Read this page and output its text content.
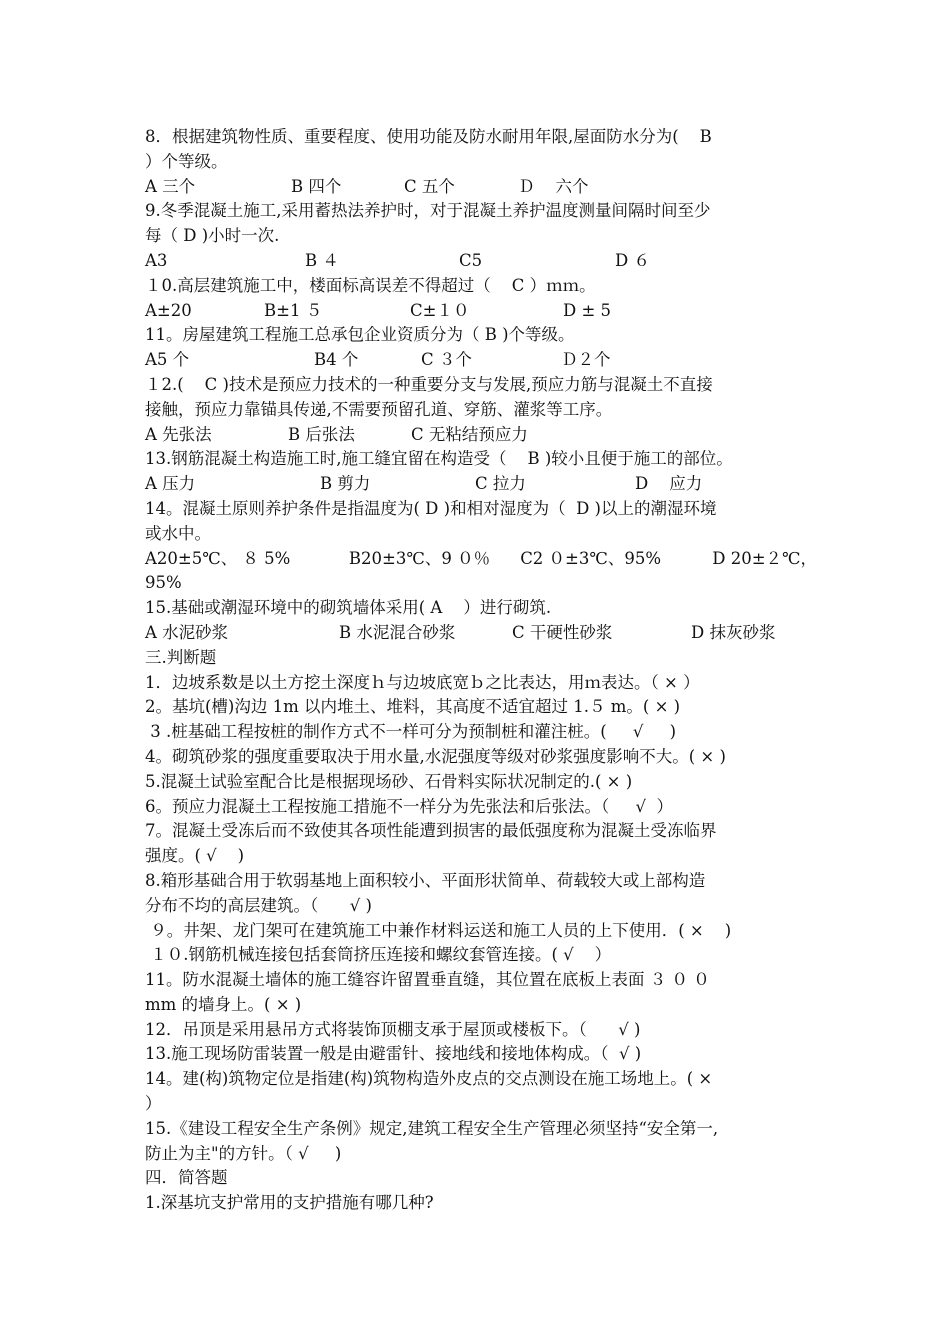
8．根据建筑物性质、重要程度、使用功能及防水耐用年限,屋面防水分为(    B
）个等级。
A 三个	B 四个	C 五个	Ｄ    六个
9.冬季混凝土施工,采用蓄热法养护时，对于混凝土养护温度测量间隔时间至少
每（ D )小时一次.
A3	B ４	C5	D ６
１0.高层建筑施工中，楼面标高误差不得超过（    C ）ｍｍ。
A±20	B±1 ５	C±１０	D ± 5
11。房屋建筑工程施工总承包企业资质分为（ B )个等级。
A5 个	B4 个	C ３个	Ｄ２个
１2.(    C )技术是预应力技术的一种重要分支与发展,预应力筋与混凝土不直接
接触，预应力靠锚具传递,不需要预留孔道、穿筋、灌浆等工序。
A 先张法	B 后张法	C 无粘结预应力
13.钢筋混凝土构造施工时,施工缝宜留在构造受（    B )较小且便于施工的部位。
A 压力	B 剪力	C 拉力	D    应力
14。混凝土原则养护条件是指温度为( D )和相对湿度为（  D )以上的潮湿环境
或水中。
A20±5℃、 ８ 5%	B20±3℃、9 ０％	C2 ０±3℃、95%	D 20±２℃，
95%
15.基础或潮湿环境中的砌筑墙体采用( A    ）进行砌筑.
A 水泥砂浆	B 水泥混合砂浆	C 干硬性砂浆	D 抹灰砂浆
三.判断题
1．边坡系数是以土方挖土深度ｈ与边坡底宽ｂ之比表达，用ｍ表达。（ × ）
2。基坑(槽)沟边 1m 以内堆土、堆料，其高度不适宜超过 1.５ m。( × )
3 .桩基础工程按桩的制作方式不一样可分为预制桩和灌注桩。(     √     )
4。砌筑砂浆的强度重要取决于用水量,水泥强度等级对砂浆强度影响不大。( × )
5.混凝土试验室配合比是根据现场砂、石骨料实际状况制定的.( × )
6。预应力混凝土工程按施工措施不一样分为先张法和后张法。（     √  ）
7。混凝土受冻后而不致使其各项性能遭到损害的最低强度称为混凝土受冻临界
强度。( √    )
8.箱形基础合用于软弱基地上面积较小、平面形状简单、荷载较大或上部构造
分布不均的高层建筑。（      √ )
９。井架、龙门架可在建筑施工中兼作材料运送和施工人员的上下使用．( ×    )
１０.钢筋机械连接包括套筒挤压连接和螺纹套管连接。( √    ）
11。防水混凝土墙体的施工缝容许留置垂直缝，其位置在底板上表面 ３ ０ ０
mm 的墙身上。( × )
12．吊顶是采用悬吊方式将装饰顶棚支承于屋顶或楼板下。（      √ )
13.施工现场防雷装置一般是由避雷针、接地线和接地体构成。（  √ )
14。建(构)筑物定位是指建(构)筑物构造外皮点的交点测设在施工场地上。( ×
）
15.《建设工程安全生产条例》规定,建筑工程安全生产管理必须坚持“安全第一,
防止为主"的方针。（ √     )
四．简答题
1.深基坑支护常用的支护措施有哪几种?
